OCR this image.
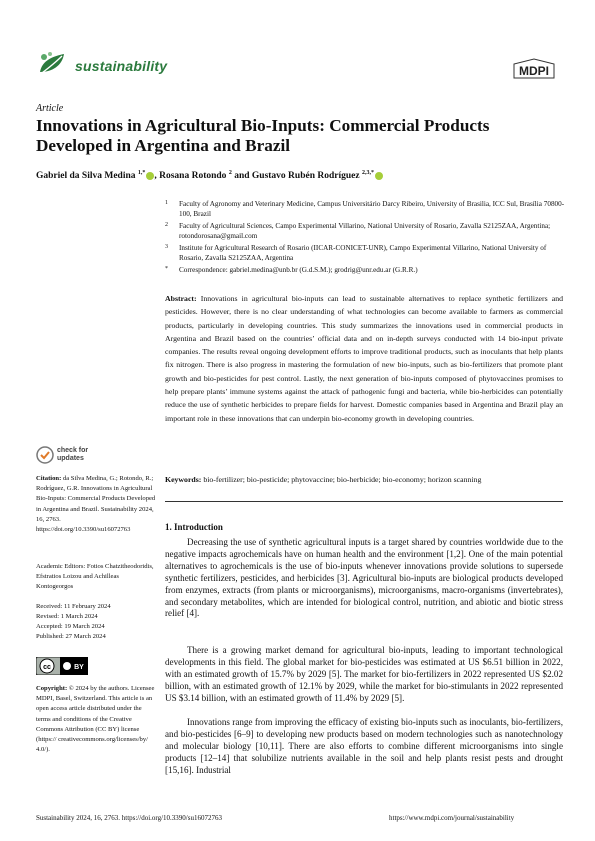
sustainability	MDPI
Article
Innovations in Agricultural Bio-Inputs: Commercial Products Developed in Argentina and Brazil
Gabriel da Silva Medina $^{1,*}$ , Rosana Rotondo $^2$ and Gustavo Rubén Rodríguez $^{2,3,*}$
1	Faculty of Agronomy and Veterinary Medicine, Campus Universitário Darcy Ribeiro, University of Brasilia, ICC Sul, Brasília 70800-100, Brazil
2	Faculty of Agricultural Sciences, Campo Experimental Villarino, National University of Rosario, Zavalla S2125ZAA, Argentina; rotondorosana@gmail.com
3	Institute for Agricultural Research of Rosario (IICAR-CONICET-UNR), Campo Experimental Villarino, National University of Rosario, Zavalla S2125ZAA, Argentina
*	Correspondence: gabriel.medina@unb.br (G.d.S.M.); grodrig@unr.edu.ar (G.R.R.)
Abstract: Innovations in agricultural bio-inputs can lead to sustainable alternatives to replace synthetic fertilizers and pesticides. However, there is no clear understanding of what technologies can become available to farmers as commercial products, particularly in developing countries. This study summarizes the innovations used in commercial products in Argentina and Brazil based on the countries’ official data and on in-depth surveys conducted with 14 bio-input private companies. The results reveal ongoing development efforts to improve traditional products, such as inoculants that help plants fix nitrogen. There is also progress in mastering the formulation of new bio-inputs, such as bio-fertilizers that promote plant growth and bio-pesticides for pest control. Lastly, the next generation of bio-inputs composed of phytovaccines promises to help prepare plants’ immune systems against the attack of pathogenic fungi and bacteria, while bio-herbicides can potentially reduce the use of synthetic herbicides to prepare fields for harvest. Domestic companies based in Argentina and Brazil play an important role in these innovations that can underpin bio-economy growth in developing countries.
Keywords: bio-fertilizer; bio-pesticide; phytovaccine; bio-herbicide; bio-economy; horizon scanning
1. Introduction
Decreasing the use of synthetic agricultural inputs is a target shared by countries worldwide due to the negative impacts agrochemicals have on human health and the environment [1,2]. One of the main potential alternatives to agrochemicals is the use of bio-inputs whenever innovations provide solutions to supersede synthetic fertilizers, pesticides, and herbicides [3]. Agricultural bio-inputs are biological products developed from enzymes, extracts (from plants or microorganisms), microorganisms, macro-organisms (invertebrates), and secondary metabolites, which are intended for biological control, nutrition, and abiotic and biotic stress relief [4].
There is a growing market demand for agricultural bio-inputs, leading to important technological developments in this field. The global market for bio-pesticides was estimated at US $6.51 billion in 2022, with an estimated growth of 15.7% by 2029 [5]. The market for bio-fertilizers in 2022 represented US $2.02 billion, with an estimated growth of 12.1% by 2029, while the market for bio-stimulants in 2022 represented US $3.14 billion, with an estimated growth of 11.4% by 2029 [5].
Innovations range from improving the efficacy of existing bio-inputs such as inoculants, bio-fertilizers, and bio-pesticides [6–9] to developing new products based on modern technologies such as nanotechnology and molecular biology [10,11]. There are also efforts to combine different microorganisms into single products [12–14] that solubilize nutrients available in the soil and help plants resist pests and drought [15,16]. Industrial
check for updates
Citation: da Silva Medina, G.; Rotondo, R.; Rodríguez, G.R. Innovations in Agricultural Bio-Inputs: Commercial Products Developed in Argentina and Brazil. Sustainability 2024, 16, 2763. https://doi.org/10.3390/su16072763
Academic Editors: Fotios Chatzitheodoridis, Efstratios Loizou and Achilleas Kontogeorgos
Received: 11 February 2024
Revised: 1 March 2024
Accepted: 19 March 2024
Published: 27 March 2024
cc	BY
Copyright: © 2024 by the authors. Licensee MDPI, Basel, Switzerland. This article is an open access article distributed under the terms and conditions of the Creative Commons Attribution (CC BY) license (https:// creativecommons.org/licenses/by/ 4.0/).
Sustainability 2024, 16, 2763. https://doi.org/10.3390/su16072763	https://www.mdpi.com/journal/sustainability
